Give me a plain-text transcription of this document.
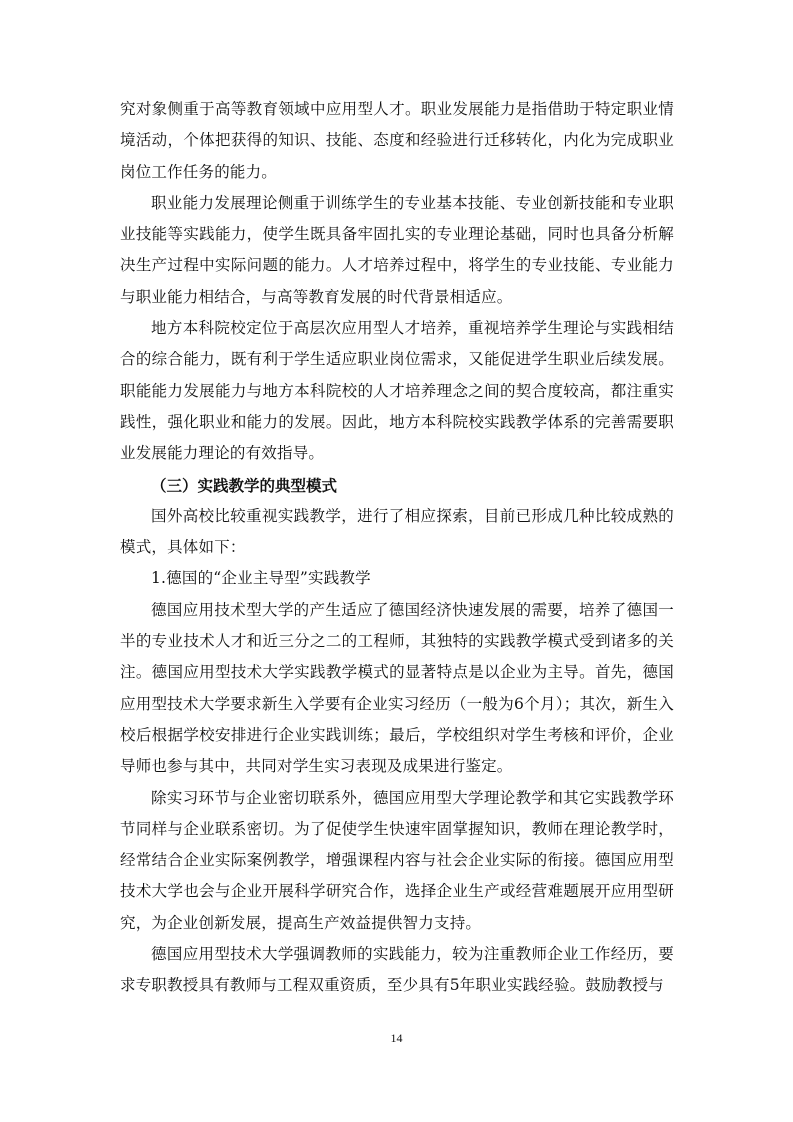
究对象侧重于高等教育领域中应用型人才。职业发展能力是指借助于特定职业情境活动，个体把获得的知识、技能、态度和经验进行迁移转化，内化为完成职业岗位工作任务的能力。

职业能力发展理论侧重于训练学生的专业基本技能、专业创新技能和专业职业技能等实践能力，使学生既具备牢固扎实的专业理论基础，同时也具备分析解决生产过程中实际问题的能力。人才培养过程中，将学生的专业技能、专业能力与职业能力相结合，与高等教育发展的时代背景相适应。

地方本科院校定位于高层次应用型人才培养，重视培养学生理论与实践相结合的综合能力，既有利于学生适应职业岗位需求，又能促进学生职业后续发展。职能能力发展能力与地方本科院校的人才培养理念之间的契合度较高，都注重实践性，强化职业和能力的发展。因此，地方本科院校实践教学体系的完善需要职业发展能力理论的有效指导。

（三）实践教学的典型模式

国外高校比较重视实践教学，进行了相应探索，目前已形成几种比较成熟的模式，具体如下：

1.德国的“企业主导型”实践教学

德国应用技术型大学的产生适应了德国经济快速发展的需要，培养了德国一半的专业技术人才和近三分之二的工程师，其独特的实践教学模式受到诸多的关注。德国应用型技术大学实践教学模式的显著特点是以企业为主导。首先，德国应用型技术大学要求新生入学要有企业实习经历（一般为6个月）；其次，新生入校后根据学校安排进行企业实践训练；最后，学校组织对学生考核和评价，企业导师也参与其中，共同对学生实习表现及成果进行鉴定。

除实习环节与企业密切联系外，德国应用型大学理论教学和其它实践教学环节同样与企业联系密切。为了促使学生快速牢固掌握知识，教师在理论教学时，经常结合企业实际案例教学，增强课程内容与社会企业实际的衔接。德国应用型技术大学也会与企业开展科学研究合作，选择企业生产或经营难题展开应用型研究，为企业创新发展，提高生产效益提供智力支持。

德国应用型技术大学强调教师的实践能力，较为注重教师企业工作经历，要求专职教授具有教师与工程双重资质，至少具有5年职业实践经验。鼓励教授与

14
